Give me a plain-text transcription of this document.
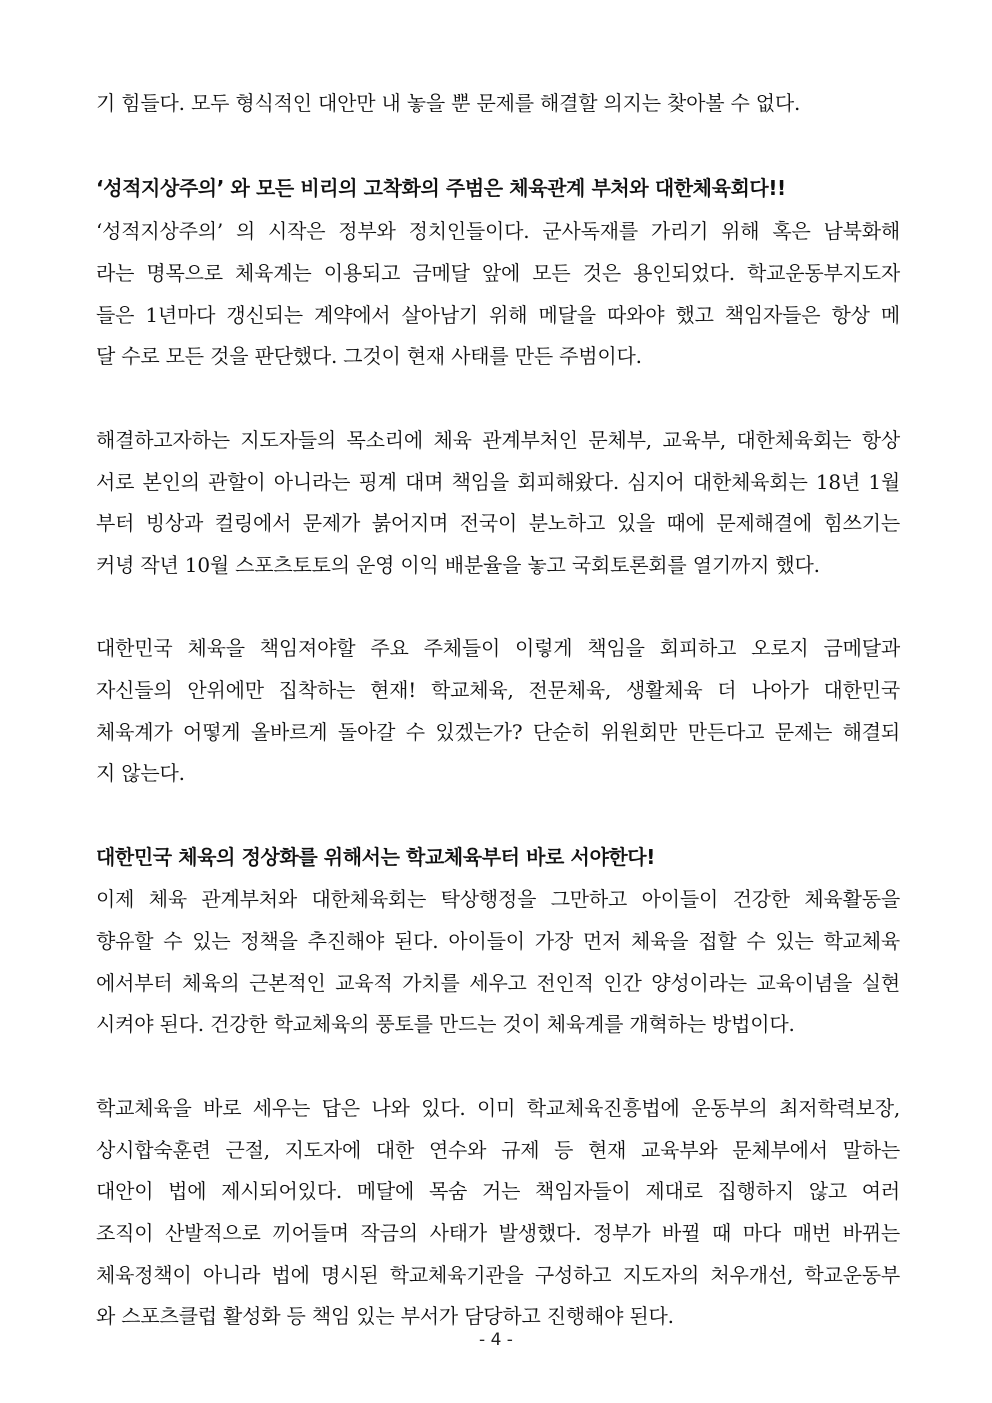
기 힘들다. 모두 형식적인 대안만 내 놓을 뿐 문제를 해결할 의지는 찾아볼 수 없다.
‘성적지상주의’ 와 모든 비리의 고착화의 주범은 체육관계 부처와 대한체육회다!!
‘성적지상주의’ 의 시작은 정부와 정치인들이다. 군사독재를 가리기 위해 혹은 남북화해
라는 명목으로 체육계는 이용되고 금메달 앞에 모든 것은 용인되었다. 학교운동부지도자
들은 1년마다 갱신되는 계약에서 살아남기 위해 메달을 따와야 했고 책임자들은 항상 메
달 수로 모든 것을 판단했다. 그것이 현재 사태를 만든 주범이다.
해결하고자하는 지도자들의 목소리에 체육 관계부처인 문체부, 교육부, 대한체육회는 항상
서로 본인의 관할이 아니라는 핑계 대며 책임을 회피해왔다. 심지어 대한체육회는 18년 1월
부터 빙상과 컬링에서 문제가 붉어지며 전국이 분노하고 있을 때에 문제해결에 힘쓰기는
커녕 작년 10월 스포츠토토의 운영 이익 배분율을 놓고 국회토론회를 열기까지 했다.
대한민국 체육을 책임져야할 주요 주체들이 이렇게 책임을 회피하고 오로지 금메달과
자신들의 안위에만 집착하는 현재! 학교체육, 전문체육, 생활체육 더 나아가 대한민국
체육계가 어떻게 올바르게 돌아갈 수 있겠는가? 단순히 위원회만 만든다고 문제는 해결되
지 않는다.
대한민국 체육의 정상화를 위해서는 학교체육부터 바로 서야한다!
이제 체육 관계부처와 대한체육회는 탁상행정을 그만하고 아이들이 건강한 체육활동을
향유할 수 있는 정책을 추진해야 된다. 아이들이 가장 먼저 체육을 접할 수 있는 학교체육
에서부터 체육의 근본적인 교육적 가치를 세우고 전인적 인간 양성이라는 교육이념을 실현
시켜야 된다. 건강한 학교체육의 풍토를 만드는 것이 체육계를 개혁하는 방법이다.
학교체육을 바로 세우는 답은 나와 있다. 이미 학교체육진흥법에 운동부의 최저학력보장,
상시합숙훈련 근절, 지도자에 대한 연수와 규제 등 현재 교육부와 문체부에서 말하는
대안이 법에 제시되어있다. 메달에 목숨 거는 책임자들이 제대로 집행하지 않고 여러
조직이 산발적으로 끼어들며 작금의 사태가 발생했다. 정부가 바뀔 때 마다 매번 바뀌는
체육정책이 아니라 법에 명시된 학교체육기관을 구성하고 지도자의 처우개선, 학교운동부
와 스포츠클럽 활성화 등 책임 있는 부서가 담당하고 진행해야 된다.
- 4 -
